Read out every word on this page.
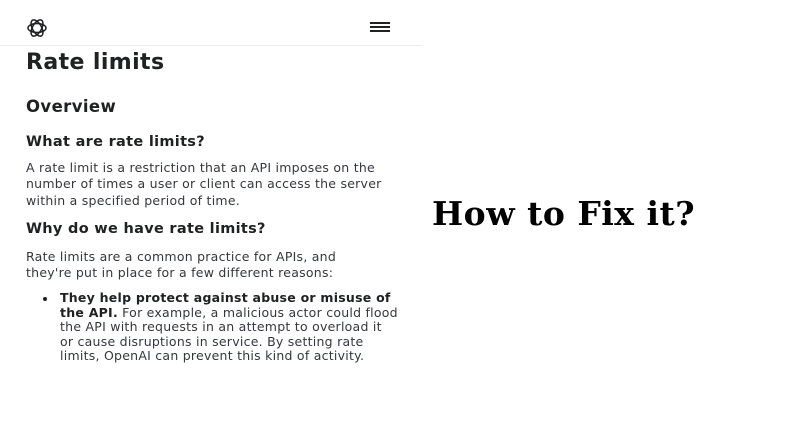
Rate limits
Overview
What are rate limits?

A rate limit is a restriction that an API imposes on the number of times a user or client can access the server within a specified period of time.

Why do we have rate limits?

Rate limits are a common practice for APIs, and they're put in place for a few different reasons:

They help protect against abuse or misuse of the API. For example, a malicious actor could flood the API with requests in an attempt to overload it or cause disruptions in service. By setting rate limits, OpenAI can prevent this kind of activity.
How to Fix it?
